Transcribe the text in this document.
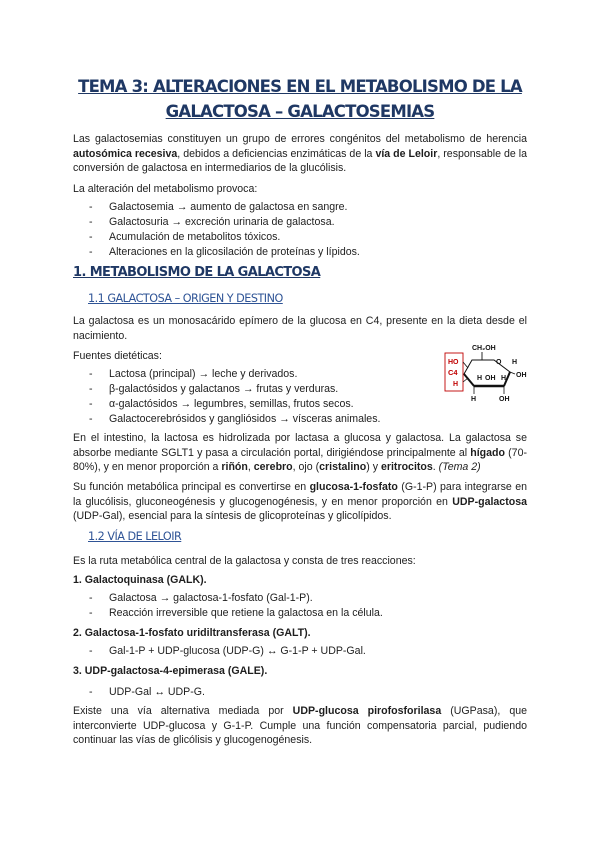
TEMA 3: ALTERACIONES EN EL METABOLISMO DE LA
GALACTOSA – GALACTOSEMIAS

Las galactosemias constituyen un grupo de errores congénitos del metabolismo de herencia autosómica recesiva, debidos a deficiencias enzimáticas de la vía de Leloir, responsable de la conversión de galactosa en intermediarios de la glucólisis.

La alteración del metabolismo provoca:
Galactosemia → aumento de galactosa en sangre.
Galactosuria → excreción urinaria de galactosa.
Acumulación de metabolitos tóxicos.
Alteraciones en la glicosilación de proteínas y lípidos.
1. METABOLISMO DE LA GALACTOSA
1.1 GALACTOSA – ORIGEN Y DESTINO

La galactosa es un monosacárido epímero de la glucosa en C4, presente en la dieta desde el nacimiento.

Fuentes dietéticas:
Lactosa (principal) → leche y derivados.
β-galactósidos y galactanos → frutas y verduras.
α-galactósidos → legumbres, semillas, frutos secos.
Galactocerebrósidos y gangliósidos → vísceras animales.
CH₂OH
O
HO
C4
H
H OH H
H
OH
H	OH

En el intestino, la lactosa es hidrolizada por lactasa a glucosa y galactosa. La galactosa se absorbe mediante SGLT1 y pasa a circulación portal, dirigiéndose principalmente al hígado (70-80%), y en menor proporción a riñón, cerebro, ojo (cristalino) y eritrocitos. (Tema 2)

Su función metabólica principal es convertirse en glucosa-1-fosfato (G-1-P) para integrarse en la glucólisis, gluconeogénesis y glucogenogénesis, y en menor proporción en UDP-galactosa (UDP-Gal), esencial para la síntesis de glicoproteínas y glicolípidos.

1.2 VÍA DE LELOIR
Es la ruta metabólica central de la galactosa y consta de tres reacciones:
1. Galactoquinasa (GALK).
Galactosa → galactosa-1-fosfato (Gal-1-P).
Reacción irreversible que retiene la galactosa en la célula.
2. Galactosa-1-fosfato uridiltransferasa (GALT).
Gal-1-P + UDP-glucosa (UDP-G) ↔ G-1-P + UDP-Gal.
3. UDP-galactosa-4-epimerasa (GALE).
UDP-Gal ↔ UDP-G.

Existe una vía alternativa mediada por UDP-glucosa pirofosforilasa (UGPasa), que interconvierte UDP-glucosa y G-1-P. Cumple una función compensatoria parcial, pudiendo continuar las vías de glicólisis y glucogenogénesis.
